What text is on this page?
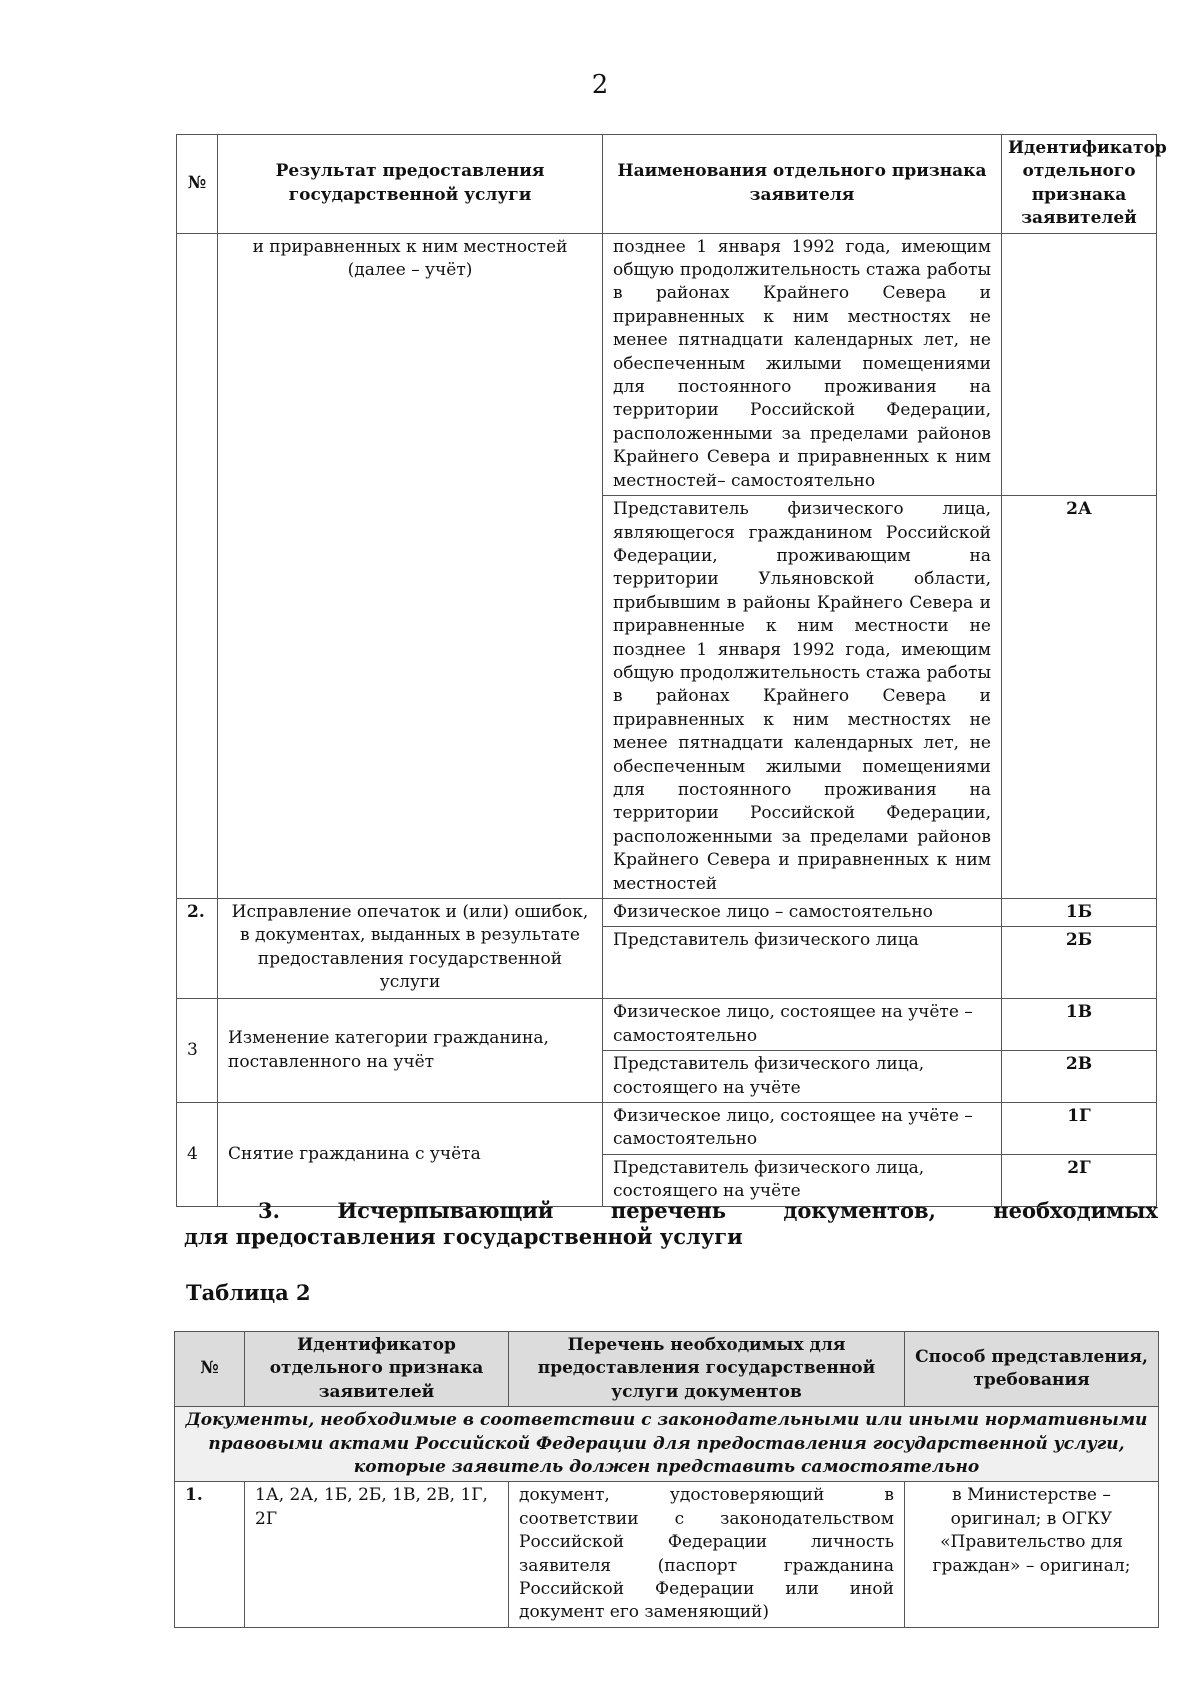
2
№	Результат предоставления государственной услуги	Наименования отдельного признака заявителя	Идентификатор отдельного признака заявителей
	и приравненных к ним местностей (далее – учёт)	позднее 1 января 1992 года, имеющим общую продолжительность стажа работы в районах Крайнего Севера и приравненных к ним местностях не менее пятнадцати календарных лет, не обеспеченным жилыми помещениями для постоянного проживания на территории Российской Федерации, расположенными за пределами районов Крайнего Севера и приравненных к ним местностей– самостоятельно	
		Представитель физического лица, являющегося гражданином Российской Федерации, проживающим на территории Ульяновской области, прибывшим в районы Крайнего Севера и приравненные к ним местности не позднее 1 января 1992 года, имеющим общую продолжительность стажа работы в районах Крайнего Севера и приравненных к ним местностях не менее пятнадцати календарных лет, не обеспеченным жилыми помещениями для постоянного проживания на территории Российской Федерации, расположенными за пределами районов Крайнего Севера и приравненных к ним местностей	2А
2.	Исправление опечаток и (или) ошибок, в документах, выданных в результате предоставления государственной услуги	Физическое лицо – самостоятельно	1Б
		Представитель физического лица	2Б
3	Изменение категории гражданина, поставленного на учёт	Физическое лицо, состоящее на учёте – самостоятельно	1В
		Представитель физического лица, состоящего на учёте	2В
4	Снятие гражданина с учёта	Физическое лицо, состоящее на учёте – самостоятельно	1Г
		Представитель физического лица, состоящего на учёте	2Г
3.	Исчерпывающий	перечень	документов,	необходимых
для предоставления государственной услуги
Таблица 2
№	Идентификатор отдельного признака заявителей	Перечень необходимых для предоставления государственной услуги документов	Способ представления, требования
Документы, необходимые в соответствии с законодательными или иными нормативными правовыми актами Российской Федерации для предоставления государственной услуги, которые заявитель должен представить самостоятельно			
1.	1А, 2А, 1Б, 2Б, 1В, 2В, 1Г, 2Г	документ, удостоверяющий в соответствии с законодательством Российской Федерации личность заявителя (паспорт гражданина Российской Федерации или иной документ его заменяющий)	в Министерстве – оригинал; в ОГКУ «Правительство для граждан» – оригинал;
